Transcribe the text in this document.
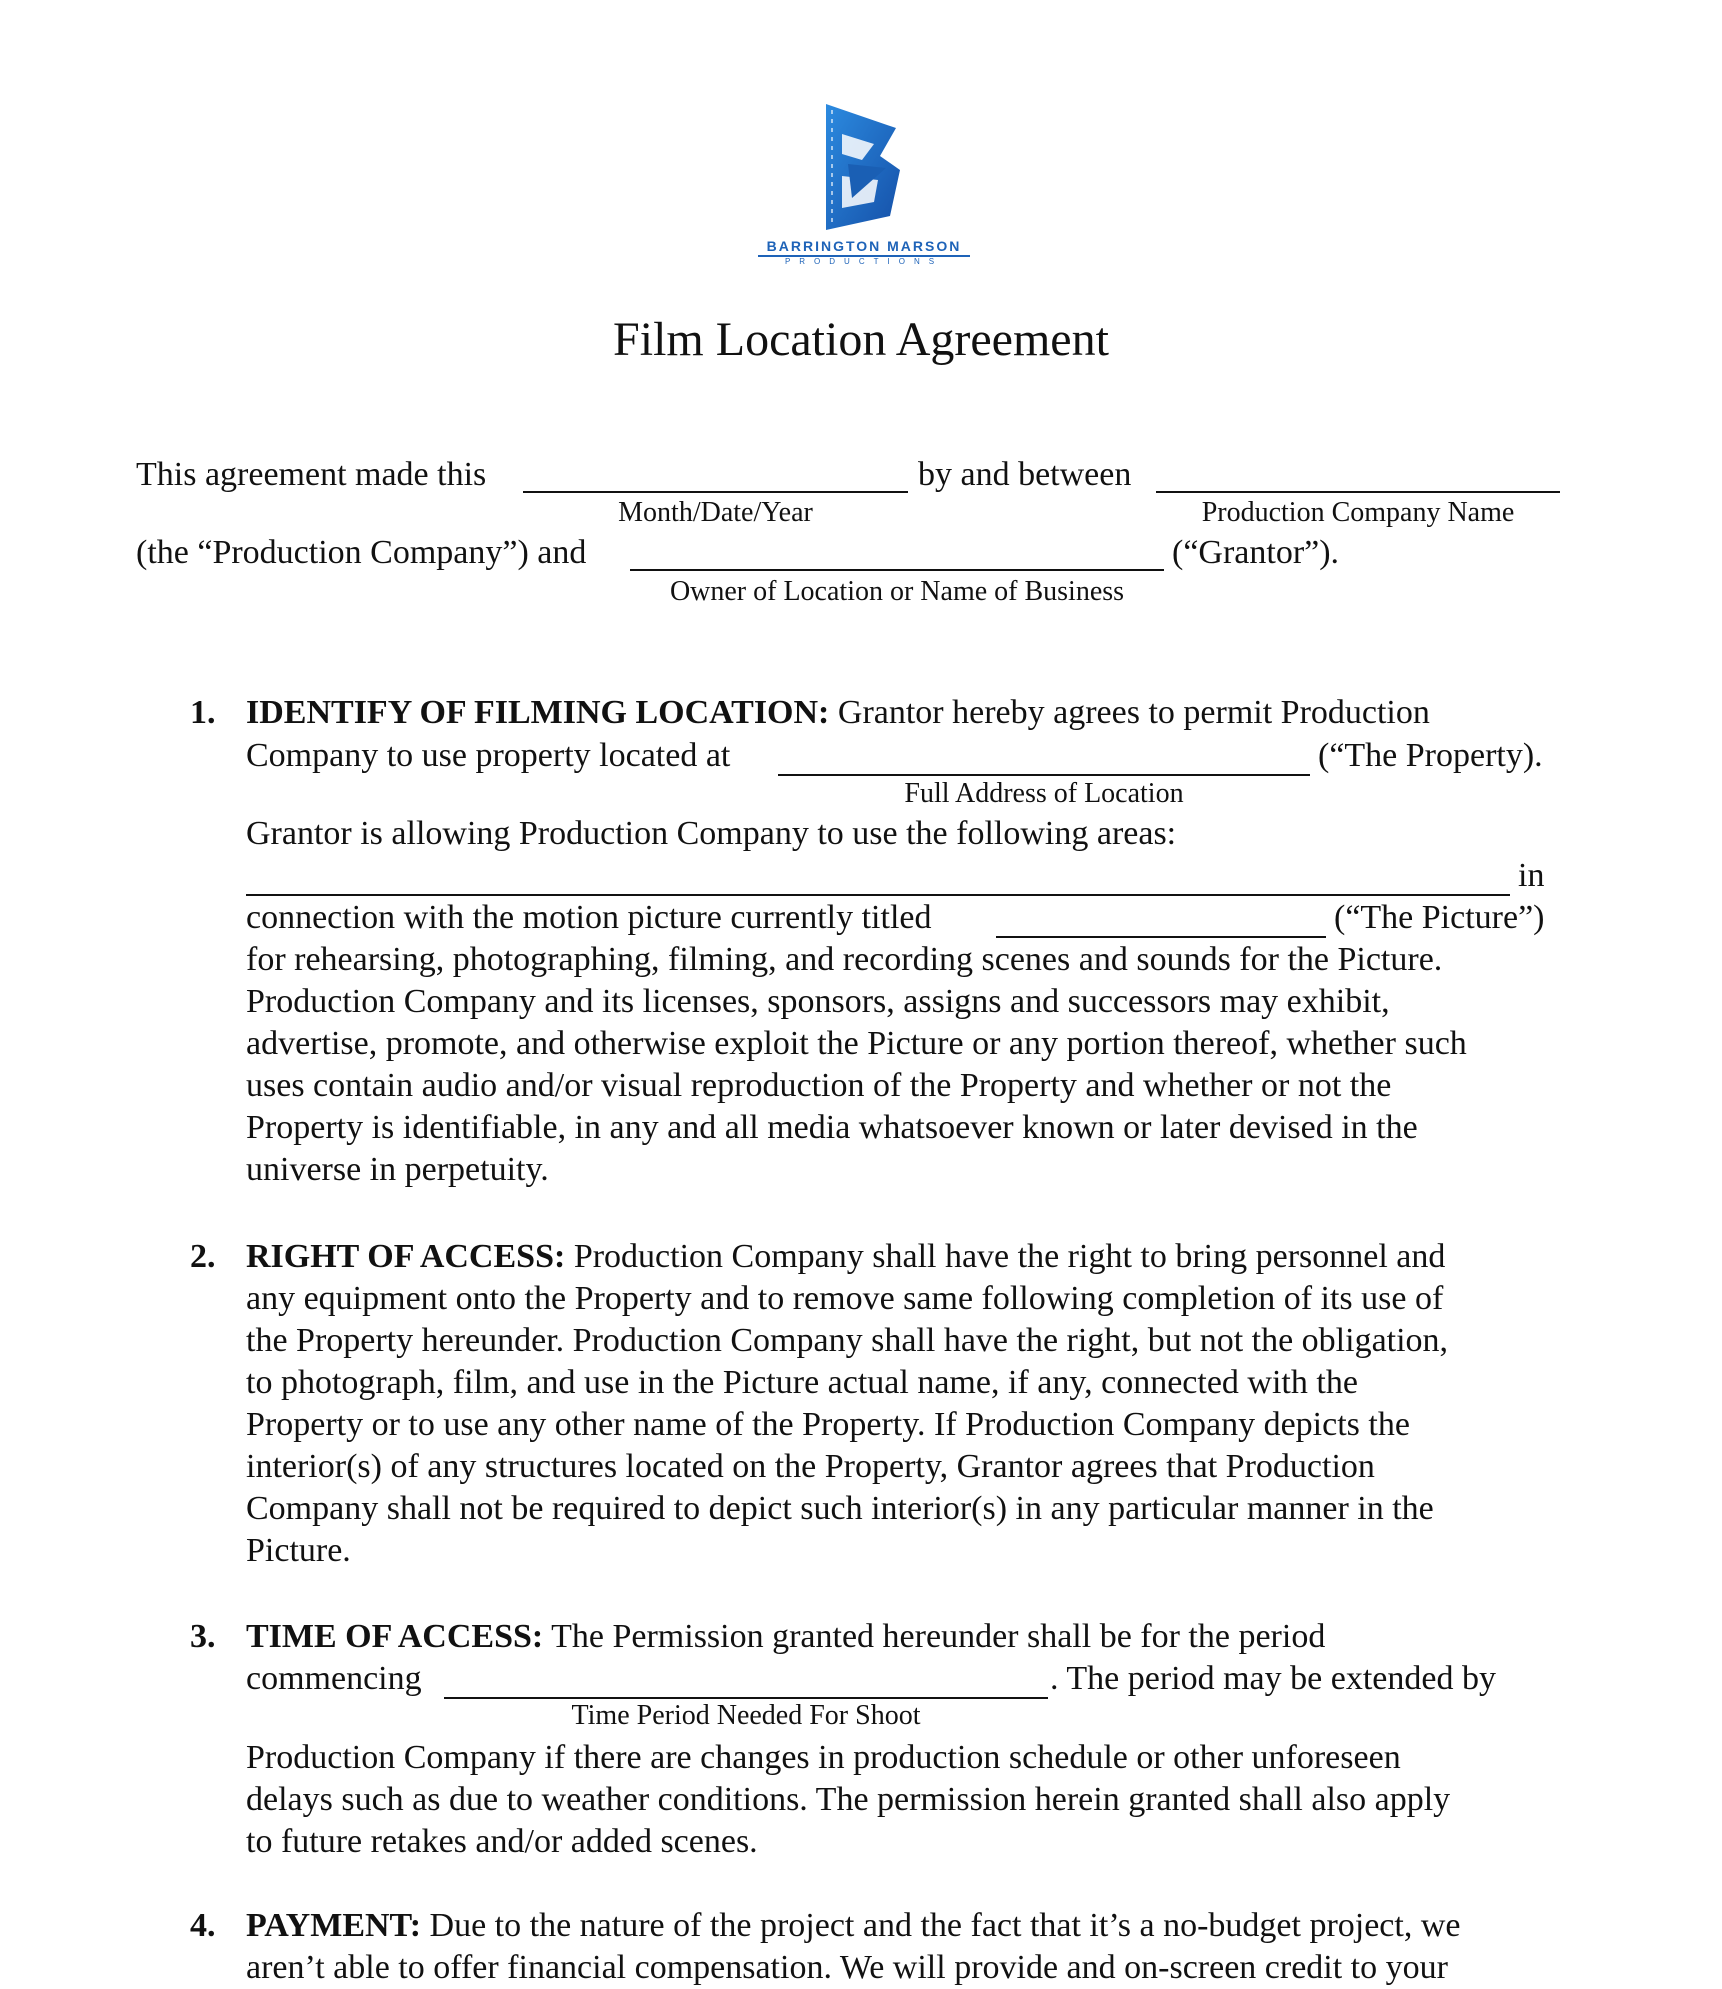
BARRINGTON MARSON
PRODUCTIONS
Film Location Agreement
This agreement made this	by and between
Month/Date/Year	Production Company Name
(the “Production Company”) and	(“Grantor”).
Owner of Location or Name of Business
1. IDENTIFY OF FILMING LOCATION: Grantor hereby agrees to permit Production
Company to use property located at	(“The Property).
Full Address of Location
Grantor is allowing Production Company to use the following areas:
in
connection with the motion picture currently titled	(“The Picture”)
for rehearsing, photographing, filming, and recording scenes and sounds for the Picture.
Production Company and its licenses, sponsors, assigns and successors may exhibit,
advertise, promote, and otherwise exploit the Picture or any portion thereof, whether such
uses contain audio and/or visual reproduction of the Property and whether or not the
Property is identifiable, in any and all media whatsoever known or later devised in the
universe in perpetuity.
2. RIGHT OF ACCESS: Production Company shall have the right to bring personnel and
any equipment onto the Property and to remove same following completion of its use of
the Property hereunder. Production Company shall have the right, but not the obligation,
to photograph, film, and use in the Picture actual name, if any, connected with the
Property or to use any other name of the Property. If Production Company depicts the
interior(s) of any structures located on the Property, Grantor agrees that Production
Company shall not be required to depict such interior(s) in any particular manner in the
Picture.
3. TIME OF ACCESS: The Permission granted hereunder shall be for the period
commencing	. The period may be extended by
Time Period Needed For Shoot
Production Company if there are changes in production schedule or other unforeseen
delays such as due to weather conditions. The permission herein granted shall also apply
to future retakes and/or added scenes.
4. PAYMENT: Due to the nature of the project and the fact that it’s a no-budget project, we
aren’t able to offer financial compensation. We will provide and on-screen credit to your
